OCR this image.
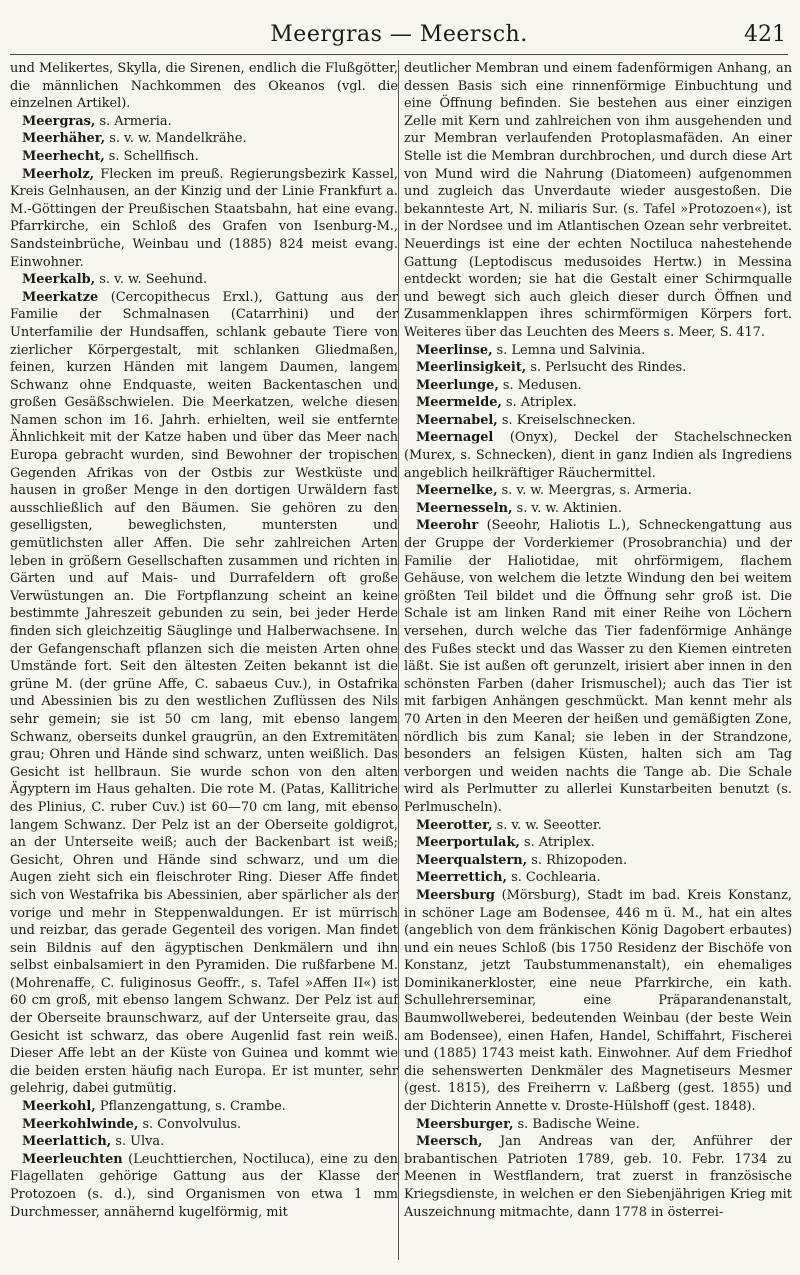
Meergras — Meersch.	421

und Melikertes, Skylla, die Sirenen, endlich die Flußgötter, die männlichen Nachkommen des Okeanos (vgl. die einzelnen Artikel).

Meergras, s. Armeria.

Meerhäher, s. v. w. Mandelkrähe.

Meerhecht, s. Schellfisch.

Meerholz, Flecken im preuß. Regierungsbezirk Kassel, Kreis Gelnhausen, an der Kinzig und der Linie Frankfurt a. M.-Göttingen der Preußischen Staatsbahn, hat eine evang. Pfarrkirche, ein Schloß des Grafen von Isenburg-M., Sandsteinbrüche, Weinbau und (1885) 824 meist evang. Einwohner.

Meerkalb, s. v. w. Seehund.

Meerkatze (Cercopithecus Erxl.), Gattung aus der Familie der Schmalnasen (Catarrhini) und der Unterfamilie der Hundsaffen, schlank gebaute Tiere von zierlicher Körpergestalt, mit schlanken Gliedmaßen, feinen, kurzen Händen mit langem Daumen, langem Schwanz ohne Endquaste, weiten Backentaschen und großen Gesäßschwielen. Die Meerkatzen, welche diesen Namen schon im 16. Jahrh. erhielten, weil sie entfernte Ähnlichkeit mit der Katze haben und über das Meer nach Europa gebracht wurden, sind Bewohner der tropischen Gegenden Afrikas von der Ostbis zur Westküste und hausen in großer Menge in den dortigen Urwäldern fast ausschließlich auf den Bäumen. Sie gehören zu den geselligsten, beweglichsten, muntersten und gemütlichsten aller Affen. Die sehr zahlreichen Arten leben in größern Gesellschaften zusammen und richten in Gärten und auf Mais- und Durrafeldern oft große Verwüstungen an. Die Fortpflanzung scheint an keine bestimmte Jahreszeit gebunden zu sein, bei jeder Herde finden sich gleichzeitig Säuglinge und Halberwachsene. In der Gefangenschaft pflanzen sich die meisten Arten ohne Umstände fort. Seit den ältesten Zeiten bekannt ist die grüne M. (der grüne Affe, C. sabaeus Cuv.), in Ostafrika und Abessinien bis zu den westlichen Zuflüssen des Nils sehr gemein; sie ist 50 cm lang, mit ebenso langem Schwanz, oberseits dunkel graugrün, an den Extremitäten grau; Ohren und Hände sind schwarz, unten weißlich. Das Gesicht ist hellbraun. Sie wurde schon von den alten Ägyptern im Haus gehalten. Die rote M. (Patas, Kallitriche des Plinius, C. ruber Cuv.) ist 60—70 cm lang, mit ebenso langem Schwanz. Der Pelz ist an der Oberseite goldigrot, an der Unterseite weiß; auch der Backenbart ist weiß; Gesicht, Ohren und Hände sind schwarz, und um die Augen zieht sich ein fleischroter Ring. Dieser Affe findet sich von Westafrika bis Abessinien, aber spärlicher als der vorige und mehr in Steppenwaldungen. Er ist mürrisch und reizbar, das gerade Gegenteil des vorigen. Man findet sein Bildnis auf den ägyptischen Denkmälern und ihn selbst einbalsamiert in den Pyramiden. Die rußfarbene M. (Mohrenaffe, C. fuliginosus Geoffr., s. Tafel »Affen II«) ist 60 cm groß, mit ebenso langem Schwanz. Der Pelz ist auf der Oberseite braunschwarz, auf der Unterseite grau, das Gesicht ist schwarz, das obere Augenlid fast rein weiß. Dieser Affe lebt an der Küste von Guinea und kommt wie die beiden ersten häufig nach Europa. Er ist munter, sehr gelehrig, dabei gutmütig.

Meerkohl, Pflanzengattung, s. Crambe.

Meerkohlwinde, s. Convolvulus.

Meerlattich, s. Ulva.

Meerleuchten (Leuchttierchen, Noctiluca), eine zu den Flagellaten gehörige Gattung aus der Klasse der Protozoen (s. d.), sind Organismen von etwa 1 mm Durchmesser, annähernd kugelförmig, mit

deutlicher Membran und einem fadenförmigen Anhang, an dessen Basis sich eine rinnenförmige Einbuchtung und eine Öffnung befinden. Sie bestehen aus einer einzigen Zelle mit Kern und zahlreichen von ihm ausgehenden und zur Membran verlaufenden Protoplasmafäden. An einer Stelle ist die Membran durchbrochen, und durch diese Art von Mund wird die Nahrung (Diatomeen) aufgenommen und zugleich das Unverdaute wieder ausgestoßen. Die bekannteste Art, N. miliaris Sur. (s. Tafel »Protozoen«), ist in der Nordsee und im Atlantischen Ozean sehr verbreitet. Neuerdings ist eine der echten Noctiluca nahestehende Gattung (Leptodiscus medusoides Hertw.) in Messina entdeckt worden; sie hat die Gestalt einer Schirmqualle und bewegt sich auch gleich dieser durch Öffnen und Zusammenklappen ihres schirmförmigen Körpers fort. Weiteres über das Leuchten des Meers s. Meer, S. 417.

Meerlinse, s. Lemna und Salvinia.

Meerlinsigkeit, s. Perlsucht des Rindes.

Meerlunge, s. Medusen.

Meermelde, s. Atriplex.

Meernabel, s. Kreiselschnecken.

Meernagel (Onyx), Deckel der Stachelschnecken (Murex, s. Schnecken), dient in ganz Indien als Ingrediens angeblich heilkräftiger Räuchermittel.

Meernelke, s. v. w. Meergras, s. Armeria.

Meernesseln, s. v. w. Aktinien.

Meerohr (Seeohr, Haliotis L.), Schneckengattung aus der Gruppe der Vorderkiemer (Prosobranchia) und der Familie der Haliotidae, mit ohrförmigem, flachem Gehäuse, von welchem die letzte Windung den bei weitem größten Teil bildet und die Öffnung sehr groß ist. Die Schale ist am linken Rand mit einer Reihe von Löchern versehen, durch welche das Tier fadenförmige Anhänge des Fußes steckt und das Wasser zu den Kiemen eintreten läßt. Sie ist außen oft gerunzelt, irisiert aber innen in den schönsten Farben (daher Irismuschel); auch das Tier ist mit farbigen Anhängen geschmückt. Man kennt mehr als 70 Arten in den Meeren der heißen und gemäßigten Zone, nördlich bis zum Kanal; sie leben in der Strandzone, besonders an felsigen Küsten, halten sich am Tag verborgen und weiden nachts die Tange ab. Die Schale wird als Perlmutter zu allerlei Kunstarbeiten benutzt (s. Perlmuscheln).

Meerotter, s. v. w. Seeotter.

Meerportulak, s. Atriplex.

Meerqualstern, s. Rhizopoden.

Meerrettich, s. Cochlearia.

Meersburg (Mörsburg), Stadt im bad. Kreis Konstanz, in schöner Lage am Bodensee, 446 m ü. M., hat ein altes (angeblich von dem fränkischen König Dagobert erbautes) und ein neues Schloß (bis 1750 Residenz der Bischöfe von Konstanz, jetzt Taubstummenanstalt), ein ehemaliges Dominikanerkloster, eine neue Pfarrkirche, ein kath. Schullehrerseminar, eine Präparandenanstalt, Baumwollweberei, bedeutenden Weinbau (der beste Wein am Bodensee), einen Hafen, Handel, Schiffahrt, Fischerei und (1885) 1743 meist kath. Einwohner. Auf dem Friedhof die sehenswerten Denkmäler des Magnetiseurs Mesmer (gest. 1815), des Freiherrn v. Laßberg (gest. 1855) und der Dichterin Annette v. Droste-Hülshoff (gest. 1848).

Meersburger, s. Badische Weine.

Meersch, Jan Andreas van der, Anführer der brabantischen Patrioten 1789, geb. 10. Febr. 1734 zu Meenen in Westflandern, trat zuerst in französische Kriegsdienste, in welchen er den Siebenjährigen Krieg mit Auszeichnung mitmachte, dann 1778 in österrei-
